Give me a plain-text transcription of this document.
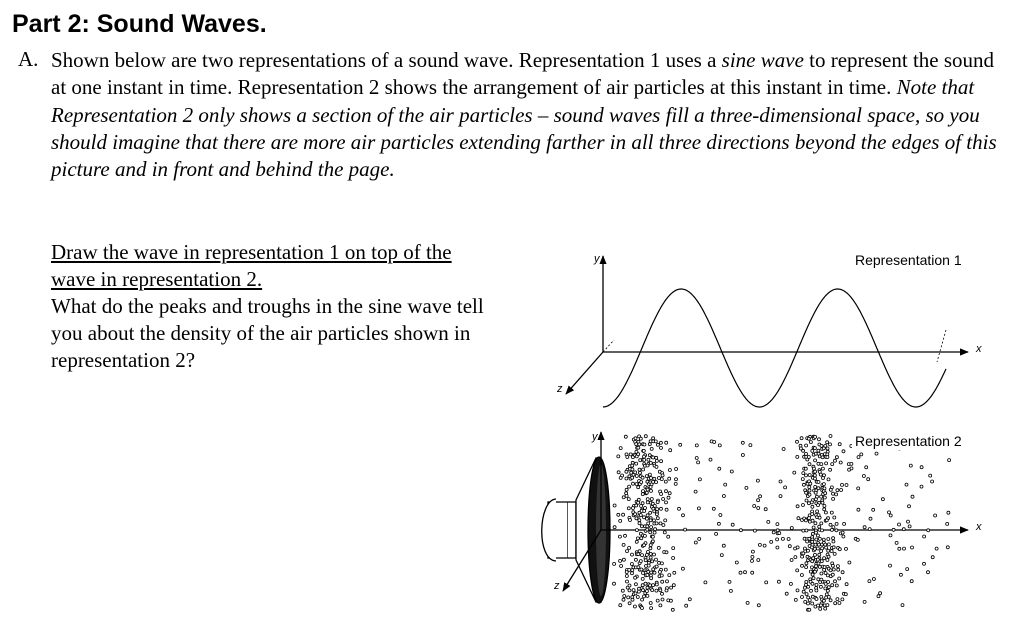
Part 2: Sound Waves.
A. Shown below are two representations of a sound wave. Representation 1 uses a sine wave to represent the sound at one instant in time. Representation 2 shows the arrangement of air particles at this instant in time. Note that Representation 2 only shows a section of the air particles – sound waves fill a three-dimensional space, so you should imagine that there are more air particles extending farther in all three directions beyond the edges of this picture and in front and behind the page.
Draw the wave in representation 1 on top of the wave in representation 2.
What do the peaks and troughs in the sine wave tell you about the density of the air particles shown in representation 2?
y
x
z
Representation 1
y
x
z
Representation 2
